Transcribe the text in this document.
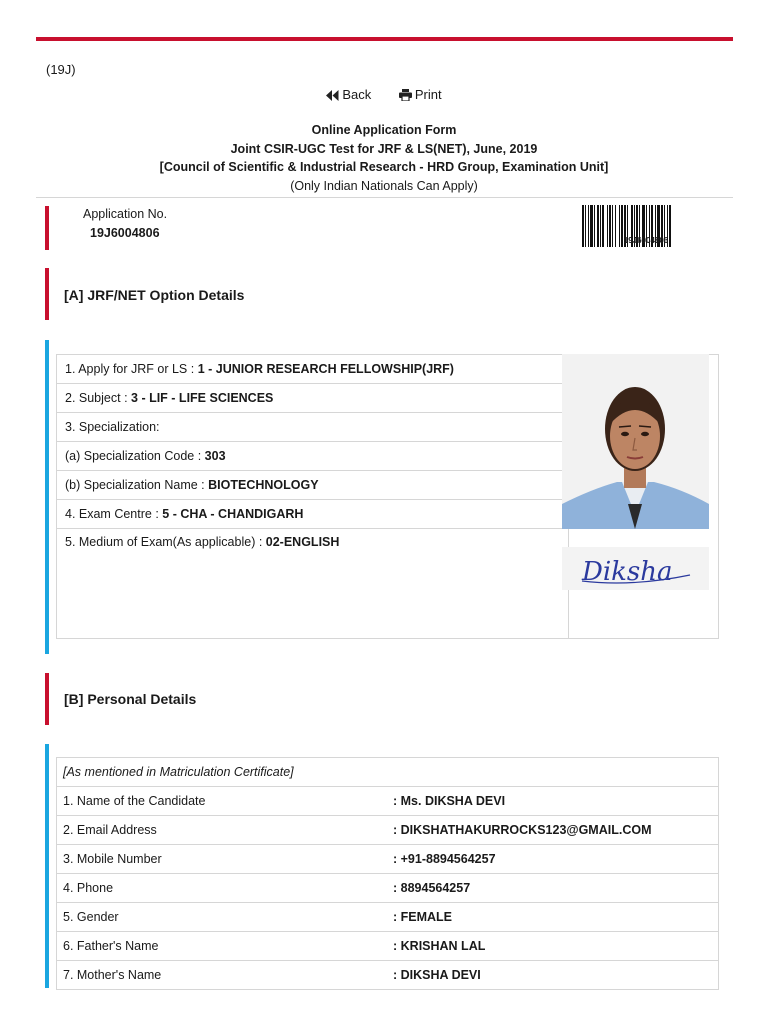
(19J)
Back	Print
Online Application Form
Joint CSIR-UGC Test for JRF & LS(NET), June, 2019
[Council of Scientific & Industrial Research - HRD Group, Examination Unit]
(Only Indian Nationals Can Apply)
Application No.
19J6004806
19J6004806
[A] JRF/NET Option Details
1. Apply for JRF or LS : 1 - JUNIOR RESEARCH FELLOWSHIP(JRF)	
2. Subject : 3 - LIF - LIFE SCIENCES
3. Specialization:
(a) Specialization Code : 303
(b) Specialization Name : BIOTECHNOLOGY
4. Exam Centre : 5 - CHA - CHANDIGARH
5. Medium of Exam(As applicable) : 02-ENGLISH

Diksha
[B] Personal Details
[As mentioned in Matriculation Certificate]	
1. Name of the Candidate	: Ms. DIKSHA DEVI
2. Email Address	: DIKSHATHAKURROCKS123@GMAIL.COM
3. Mobile Number	: +91-8894564257
4. Phone	: 8894564257
5. Gender	: FEMALE
6. Father's Name	: KRISHAN LAL
7. Mother's Name	: DIKSHA DEVI
